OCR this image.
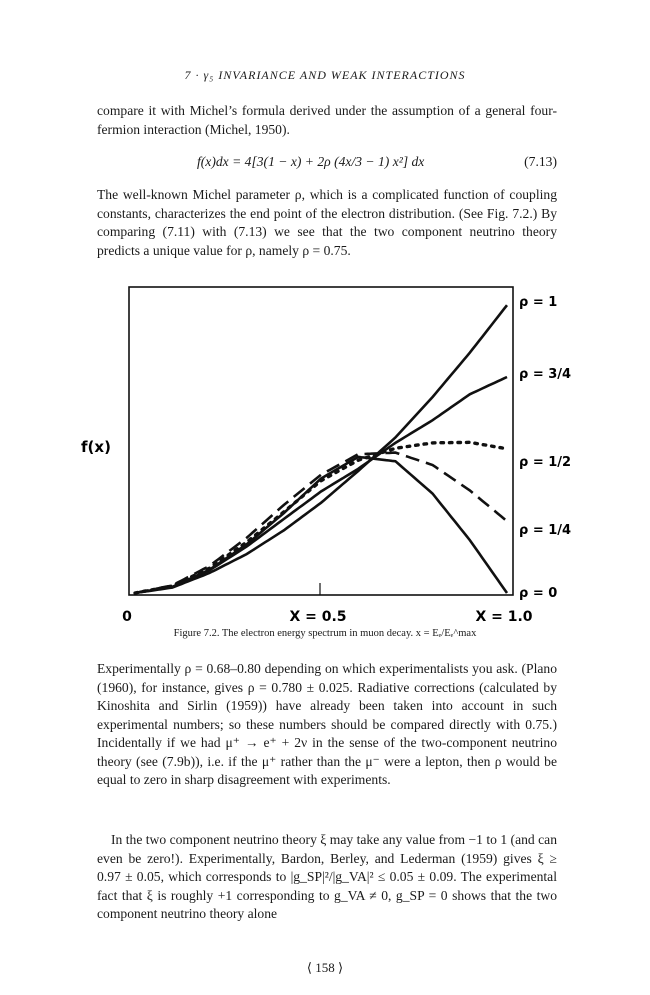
7 · γ₅ INVARIANCE AND WEAK INTERACTIONS
compare it with Michel’s formula derived under the assumption of a general four-fermion interaction (Michel, 1950).
f(x)dx = 4[3(1 − x) + 2ρ (4x/3 − 1) x²] dx	(7.13)
The well-known Michel parameter ρ, which is a complicated function of coupling constants, characterizes the end point of the electron distribution. (See Fig. 7.2.) By comparing (7.11) with (7.13) we see that the two component neutrino theory predicts a unique value for ρ, namely ρ = 0.75.
f(x)
0	X = 0.5	X = 1.0
ρ = 1
ρ = 3/4
ρ = 1/2
ρ = 1/4
ρ = 0
Figure 7.2. The electron energy spectrum in muon decay. x = Eₑ/Eₑ^max
Experimentally ρ = 0.68–0.80 depending on which experimentalists you ask. (Plano (1960), for instance, gives ρ = 0.780 ± 0.025. Radiative corrections (calculated by Kinoshita and Sirlin (1959)) have already been taken into account in such experimental numbers; so these numbers should be compared directly with 0.75.) Incidentally if we had μ⁺ → e⁺ + 2ν in the sense of the two-component neutrino theory (see (7.9b)), i.e. if the μ⁺ rather than the μ⁻ were a lepton, then ρ would be equal to zero in sharp disagreement with experiments.
In the two component neutrino theory ξ may take any value from −1 to 1 (and can even be zero!). Experimentally, Bardon, Berley, and Lederman (1959) gives ξ ≥ 0.97 ± 0.05, which corresponds to |g_SP|²/|g_VA|² ≤ 0.05 ± 0.09. The experimental fact that ξ is roughly +1 corresponding to g_VA ≠ 0, g_SP = 0 shows that the two component neutrino theory alone
⟨ 158 ⟩
